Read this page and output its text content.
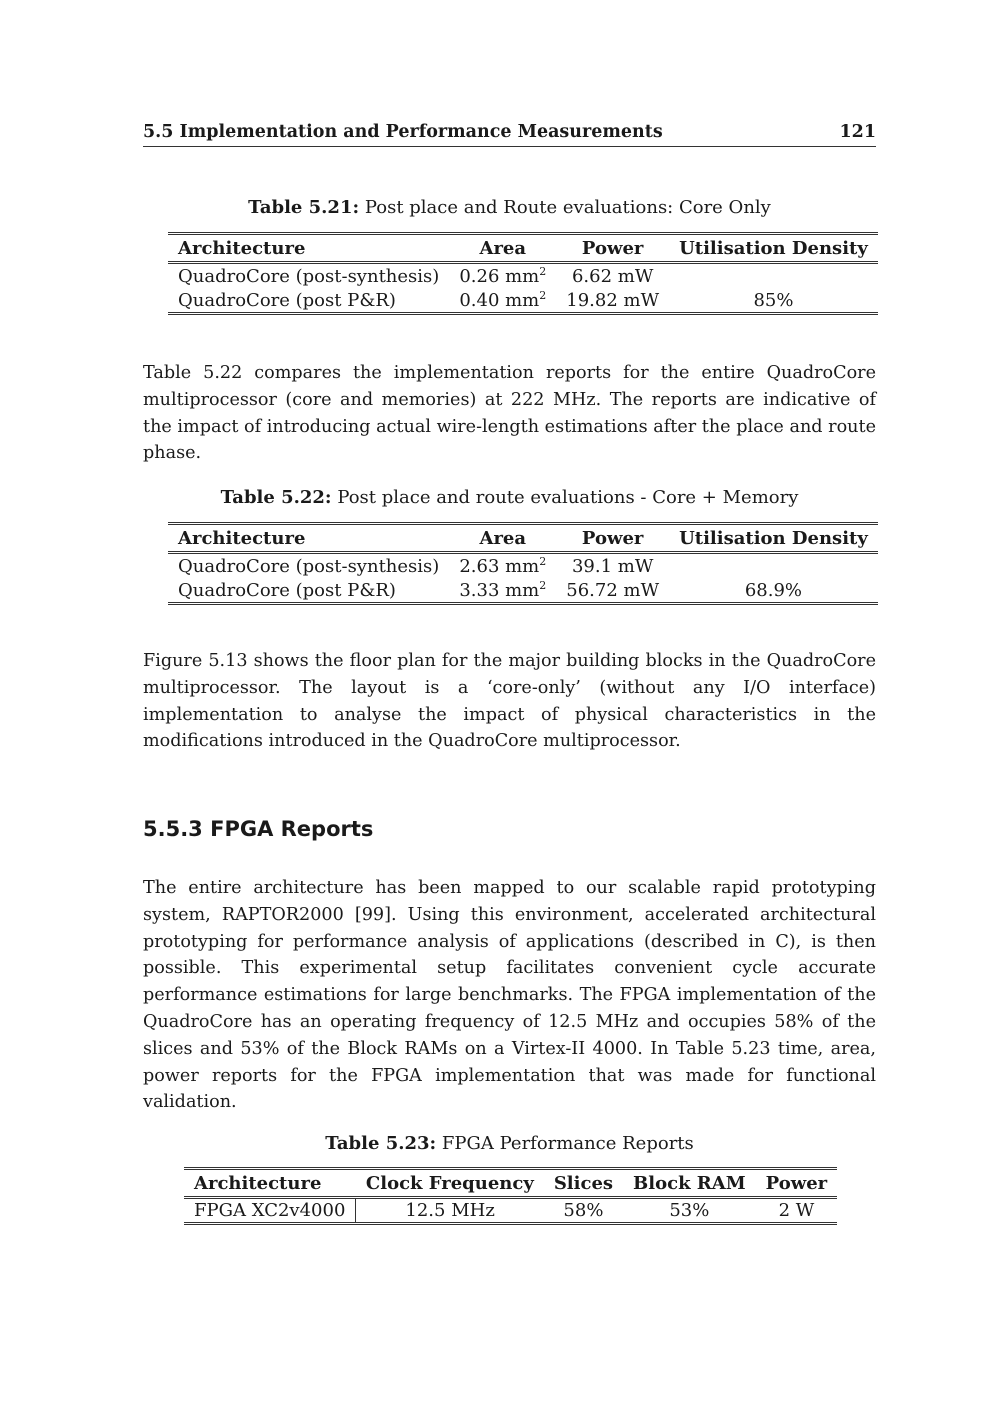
5.5 Implementation and Performance Measurements	121
Table 5.21: Post place and Route evaluations: Core Only
Architecture	Area	Power	Utilisation Density
QuadroCore (post-synthesis)	0.26 $mm^2$	6.62 mW	
QuadroCore (post P&R)	0.40 $mm^2$	19.82 mW	85%

Table 5.22 compares the implementation reports for the entire QuadroCore multiprocessor (core and memories) at 222 MHz. The reports are indicative of the impact of introducing actual wire-length estimations after the place and route phase.

Table 5.22: Post place and route evaluations - Core + Memory
Architecture	Area	Power	Utilisation Density
QuadroCore (post-synthesis)	2.63 $mm^2$	39.1 mW	
QuadroCore (post P&R)	3.33 $mm^2$	56.72 mW	68.9%

Figure 5.13 shows the floor plan for the major building blocks in the QuadroCore multiprocessor. The layout is a ‘core-only’ (without any I/O interface) implementation to analyse the impact of physical characteristics in the modifications introduced in the QuadroCore multiprocessor.

5.5.3 FPGA Reports

The entire architecture has been mapped to our scalable rapid prototyping system, RAPTOR2000 [99]. Using this environment, accelerated architectural prototyping for performance analysis of applications (described in C), is then possible. This experimental setup facilitates convenient cycle accurate performance estimations for large benchmarks. The FPGA implementation of the QuadroCore has an operating frequency of 12.5 MHz and occupies 58% of the slices and 53% of the Block RAMs on a Virtex-II 4000. In Table 5.23 time, area, power reports for the FPGA implementation that was made for functional validation.

Table 5.23: FPGA Performance Reports
Architecture	Clock Frequency	Slices	Block RAM	Power
FPGA XC2v4000	12.5 MHz	58%	53%	2 W
